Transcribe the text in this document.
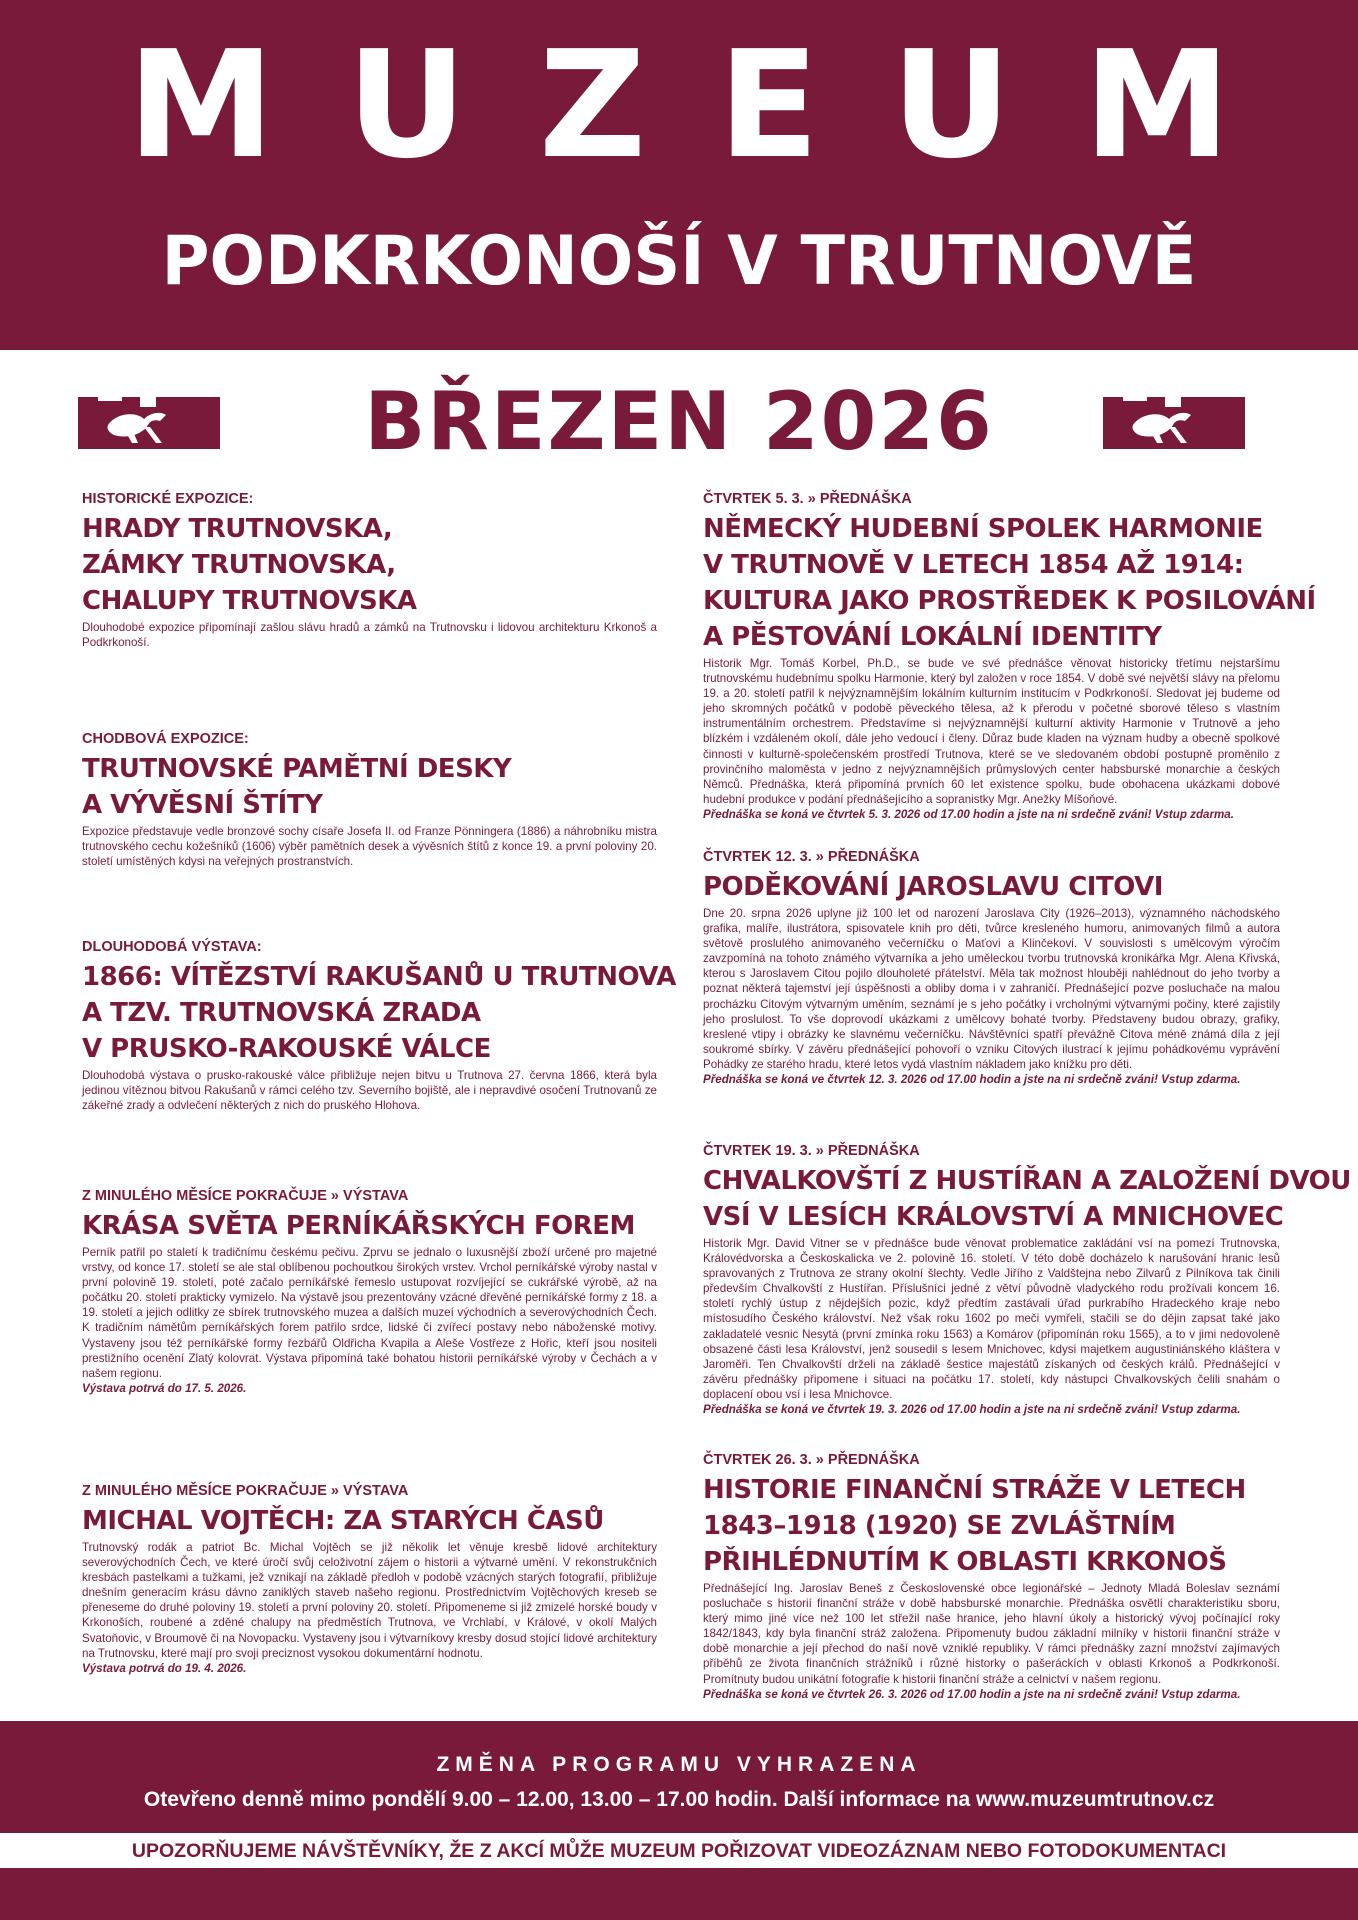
MUZEUM
PODKRKONOŠÍ V TRUTNOVĚ
BŘEZEN 2026
HISTORICKÉ EXPOZICE:
HRADY TRUTNOVSKA,
ZÁMKY TRUTNOVSKA,
CHALUPY TRUTNOVSKA
Dlouhodobé expozice připomínají zašlou slávu hradů a zámků na Trutnovsku i lidovou architekturu Krkonoš a Podkrkonoší.
CHODBOVÁ EXPOZICE:
TRUTNOVSKÉ PAMĚTNÍ DESKY
A VÝVĚSNÍ ŠTÍTY
Expozice představuje vedle bronzové sochy císaře Josefa II. od Franze Pönningera (1886) a náhrobníku mistra trutnovského cechu kožešníků (1606) výběr pamětních desek a vývěsních štítů z konce 19. a první poloviny 20. století umístěných kdysi na veřejných prostranstvích.
DLOUHODOBÁ VÝSTAVA:
1866: VÍTĚZSTVÍ RAKUŠANŮ U TRUTNOVA
A TZV. TRUTNOVSKÁ ZRADA
V PRUSKO-RAKOUSKÉ VÁLCE
Dlouhodobá výstava o prusko-rakouské válce přibližuje nejen bitvu u Trutnova 27. června 1866, která byla jedinou vítěznou bitvou Rakušanů v rámci celého tzv. Severního bojiště, ale i nepravdivé osočení Trutnovanů ze zákeřné zrady a odvlečení některých z nich do pruského Hlohova.
Z MINULÉHO MĚSÍCE POKRAČUJE » VÝSTAVA
KRÁSA SVĚTA PERNÍKÁŘSKÝCH FOREM
Perník patřil po staletí k tradičnímu českému pečivu. Zprvu se jednalo o luxusnější zboží určené pro majetné vrstvy, od konce 17. století se ale stal oblíbenou pochoutkou širokých vrstev. Vrchol perníkářské výroby nastal v první polovině 19. století, poté začalo perníkářské řemeslo ustupovat rozvíjející se cukrářské výrobě, až na počátku 20. století prakticky vymizelo. Na výstavě jsou prezentovány vzácné dřevěné perníkářské formy z 18. a 19. století a jejich odlitky ze sbírek trutnovského muzea a dalších muzeí východních a severovýchodních Čech. K tradičním námětům perníkářských forem patřilo srdce, lidské či zvířecí postavy nebo náboženské motivy. Vystaveny jsou též perníkářské formy řezbářů Oldřicha Kvapila a Aleše Vostřeze z Hořic, kteří jsou nositeli prestižního ocenění Zlatý kolovrat. Výstava připomíná také bohatou historii perníkářské výroby v Čechách a v našem regionu.
Výstava potrvá do 17. 5. 2026.
Z MINULÉHO MĚSÍCE POKRAČUJE » VÝSTAVA
MICHAL VOJTĚCH: ZA STARÝCH ČASŮ
Trutnovský rodák a patriot Bc. Michal Vojtěch se již několik let věnuje kresbě lidové architektury severovýchodních Čech, ve které úročí svůj celoživotní zájem o historii a výtvarné umění. V rekonstrukčních kresbách pastelkami a tužkami, jež vznikají na základě předloh v podobě vzácných starých fotografií, přibližuje dnešním generacím krásu dávno zaniklých staveb našeho regionu. Prostřednictvím Vojtěchových kreseb se přeneseme do druhé poloviny 19. století a první poloviny 20. století. Připomeneme si již zmizelé horské boudy v Krkonoších, roubené a zděné chalupy na předměstích Trutnova, ve Vrchlabí, v Králové, v okolí Malých Svatoňovic, v Broumově či na Novopacku. Vystaveny jsou i výtvarníkovy kresby dosud stojící lidové architektury na Trutnovsku, které mají pro svoji preciznost vysokou dokumentární hodnotu.
Výstava potrvá do 19. 4. 2026.
ČTVRTEK 5. 3. » PŘEDNÁŠKA
NĚMECKÝ HUDEBNÍ SPOLEK HARMONIE
V TRUTNOVĚ V LETECH 1854 AŽ 1914:
KULTURA JAKO PROSTŘEDEK K POSILOVÁNÍ
A PĚSTOVÁNÍ LOKÁLNÍ IDENTITY
Historik Mgr. Tomáš Korbel, Ph.D., se bude ve své přednášce věnovat historicky třetímu nejstaršímu trutnovskému hudebnímu spolku Harmonie, který byl založen v roce 1854. V době své největší slávy na přelomu 19. a 20. století patřil k nejvýznamnějším lokálním kulturním institucím v Podkrkonoší. Sledovat jej budeme od jeho skromných počátků v podobě pěveckého tělesa, až k přerodu v početné sborové těleso s vlastním instrumentálním orchestrem. Představíme si nejvýznamnější kulturní aktivity Harmonie v Trutnově a jeho blízkém i vzdáleném okolí, dále jeho vedoucí i členy. Důraz bude kladen na význam hudby a obecně spolkové činnosti v kulturně-společenském prostředí Trutnova, které se ve sledovaném období postupně proměnilo z provinčního maloměsta v jedno z nejvýznamnějších průmyslových center habsburské monarchie a českých Němců. Přednáška, která připomíná prvních 60 let existence spolku, bude obohacena ukázkami dobové hudební produkce v podání přednášejícího a sopranistky Mgr. Anežky Míšoňové.
Přednáška se koná ve čtvrtek 5. 3. 2026 od 17.00 hodin a jste na ni srdečně zváni! Vstup zdarma.
ČTVRTEK 12. 3. » PŘEDNÁŠKA
PODĚKOVÁNÍ JAROSLAVU CITOVI
Dne 20. srpna 2026 uplyne již 100 let od narození Jaroslava City (1926–2013), významného náchodského grafika, malíře, ilustrátora, spisovatele knih pro děti, tvůrce kresleného humoru, animovaných filmů a autora světově proslulého animovaného večerníčku o Maťovi a Klinčekovi. V souvislosti s umělcovým výročím zavzpomíná na tohoto známého výtvarníka a jeho uměleckou tvorbu trutnovská kronikářka Mgr. Alena Křivská, kterou s Jaroslavem Citou pojilo dlouholeté přátelství. Měla tak možnost hlouběji nahlédnout do jeho tvorby a poznat některá tajemství její úspěšnosti a obliby doma i v zahraničí. Přednášející pozve posluchače na malou procházku Citovým výtvarným uměním, seznámí je s jeho počátky i vrcholnými výtvarnými počiny, které zajistily jeho proslulost. To vše doprovodí ukázkami z umělcovy bohaté tvorby. Představeny budou obrazy, grafiky, kreslené vtipy i obrázky ke slavnému večerníčku. Návštěvníci spatří převážně Citova méně známá díla z její soukromé sbírky. V závěru přednášející pohovoří o vzniku Citových ilustrací k jejímu pohádkovému vyprávění Pohádky ze starého hradu, které letos vydá vlastním nákladem jako knížku pro děti.
Přednáška se koná ve čtvrtek 12. 3. 2026 od 17.00 hodin a jste na ni srdečně zváni! Vstup zdarma.
ČTVRTEK 19. 3. » PŘEDNÁŠKA
CHVALKOVŠTÍ Z HUSTÍŘAN A ZALOŽENÍ DVOU
VSÍ V LESÍCH KRÁLOVSTVÍ A MNICHOVEC
Historik Mgr. David Vitner se v přednášce bude věnovat problematice zakládání vsí na pomezí Trutnovska, Královédvorska a Českoskalicka ve 2. polovině 16. století. V této době docházelo k narušování hranic lesů spravovaných z Trutnova ze strany okolní šlechty. Vedle Jiřího z Valdštejna nebo Zilvarů z Pilníkova tak činili především Chvalkovští z Hustířan. Příslušníci jedné z větví původně vladyckého rodu prožívali koncem 16. století rychlý ústup z nějdejších pozic, když předtím zastávali úřad purkrabího Hradeckého kraje nebo místosudího Českého království. Než však roku 1602 po meči vymřeli, stačili se do dějin zapsat také jako zakladatelé vesnic Nesytá (první zmínka roku 1563) a Komárov (připomínán roku 1565), a to v jimi nedovoleně obsazené části lesa Království, jenž sousedil s lesem Mnichovec, kdysi majetkem augustiniánského kláštera v Jaroměři. Ten Chvalkovští drželi na základě šestice majestátů získaných od českých králů. Přednášející v závěru přednášky připomene i situaci na počátku 17. století, kdy nástupci Chvalkovských čelili snahám o doplacení obou vsí i lesa Mnichovce.
Přednáška se koná ve čtvrtek 19. 3. 2026 od 17.00 hodin a jste na ni srdečně zváni! Vstup zdarma.
ČTVRTEK 26. 3. » PŘEDNÁŠKA
HISTORIE FINANČNÍ STRÁŽE V LETECH
1843–1918 (1920) SE ZVLÁŠTNÍM
PŘIHLÉDNUTÍM K OBLASTI KRKONOŠ
Přednášející Ing. Jaroslav Beneš z Československé obce legionářské – Jednoty Mladá Boleslav seznámí posluchače s historií finanční stráže v době habsburské monarchie. Přednáška osvětlí charakteristiku sboru, který mimo jiné více než 100 let střežil naše hranice, jeho hlavní úkoly a historický vývoj počínající roky 1842/1843, kdy byla finanční stráž založena. Připomenuty budou základní milníky v historii finanční stráže v době monarchie a její přechod do naší nově vzniklé republiky. V rámci přednášky zazní množství zajímavých příběhů ze života finančních strážníků i různé historky o pašeráckích v oblasti Krkonoš a Podkrkonoší. Promítnuty budou unikátní fotografie k historii finanční stráže a celnictví v našem regionu.
Přednáška se koná ve čtvrtek 26. 3. 2026 od 17.00 hodin a jste na ni srdečně zváni! Vstup zdarma.
ZMĚNA PROGRAMU VYHRAZENA
Otevřeno denně mimo pondělí 9.00 – 12.00, 13.00 – 17.00 hodin. Další informace na www.muzeumtrutnov.cz
UPOZORŇUJEME NÁVŠTĚVNÍKY, ŽE Z AKCÍ MŮŽE MUZEUM POŘIZOVAT VIDEOZÁZNAM NEBO FOTODOKUMENTACI
